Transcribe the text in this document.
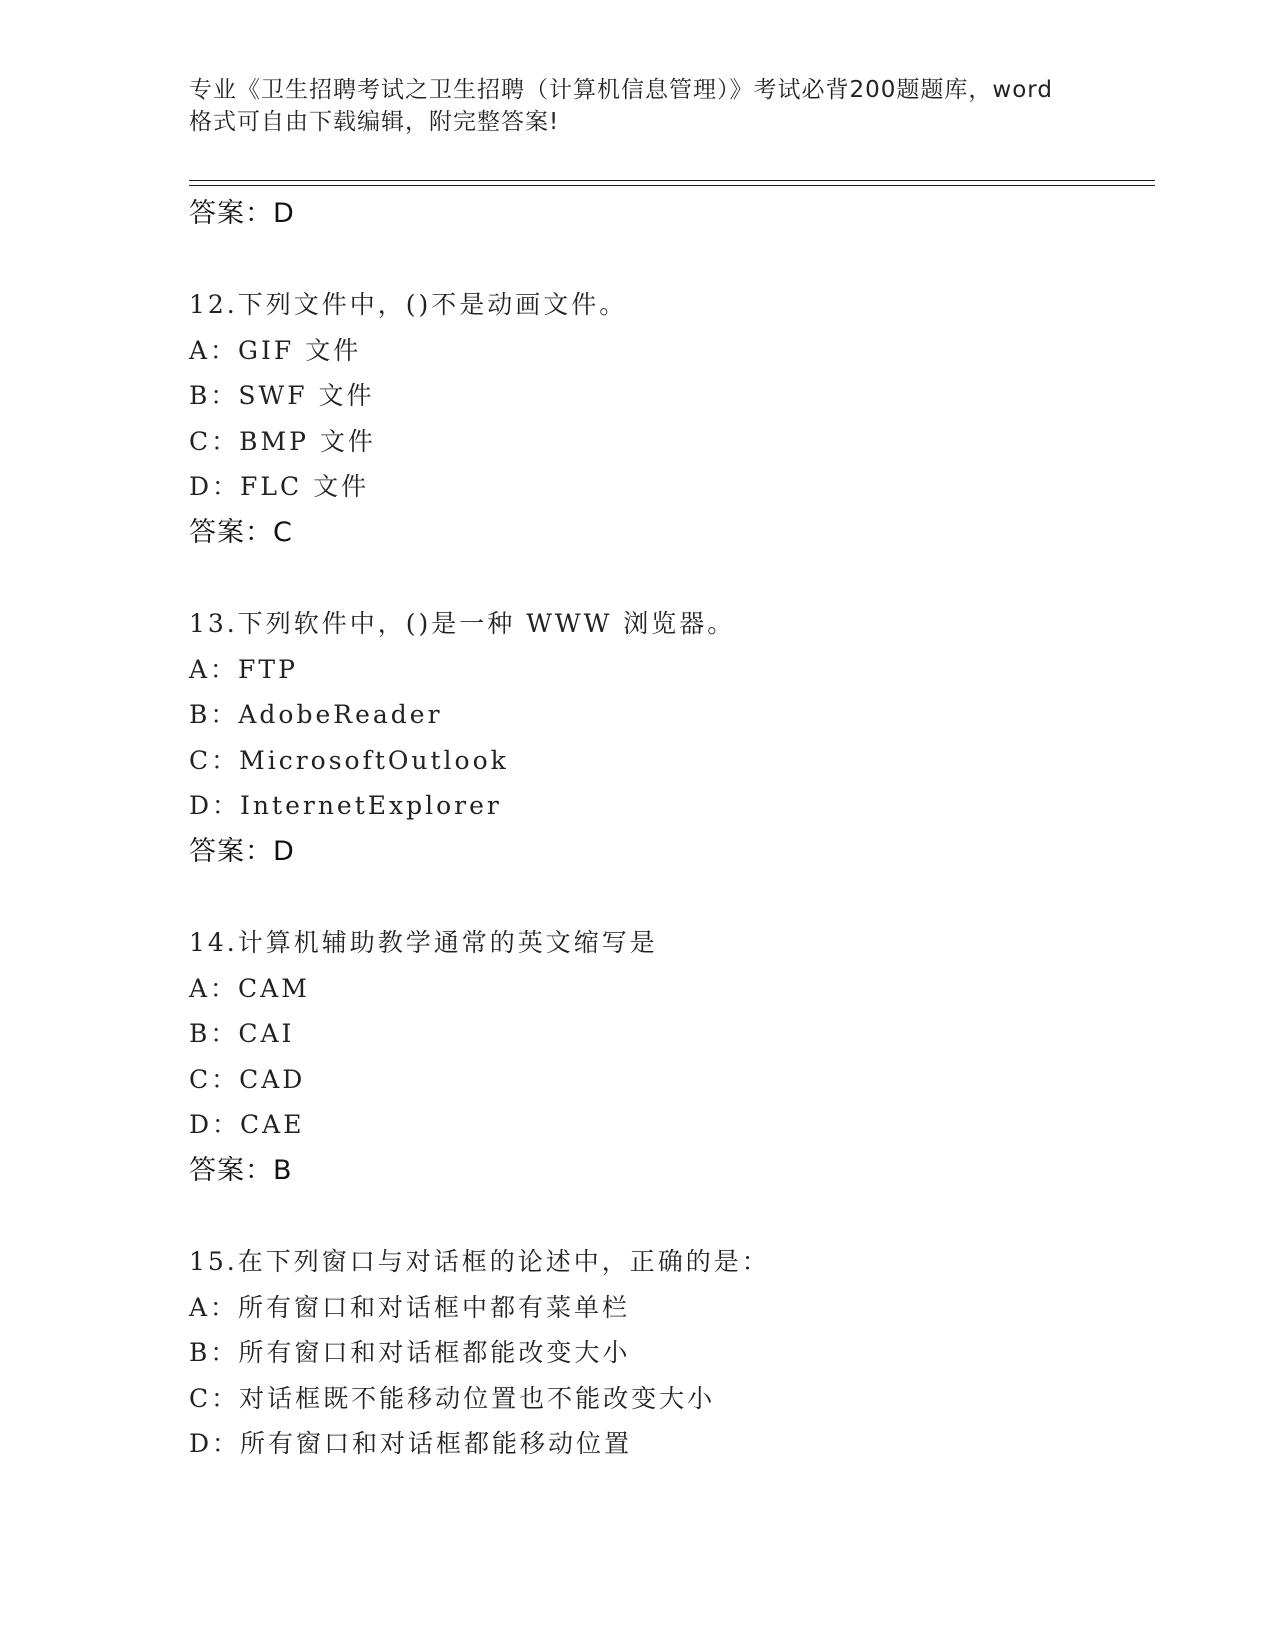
专业《卫生招聘考试之卫生招聘（计算机信息管理）》考试必背200题题库，word
格式可自由下载编辑，附完整答案!
答案：D
12.下列文件中，()不是动画文件。
A：GIF 文件
B：SWF 文件
C：BMP 文件
D：FLC 文件
答案：C
13.下列软件中，()是一种 WWW 浏览器。
A：FTP
B：AdobeReader
C：MicrosoftOutlook
D：InternetExplorer
答案：D
14.计算机辅助教学通常的英文缩写是
A：CAM
B：CAI
C：CAD
D：CAE
答案：B
15.在下列窗口与对话框的论述中，正确的是：
A：所有窗口和对话框中都有菜单栏
B：所有窗口和对话框都能改变大小
C：对话框既不能移动位置也不能改变大小
D：所有窗口和对话框都能移动位置
